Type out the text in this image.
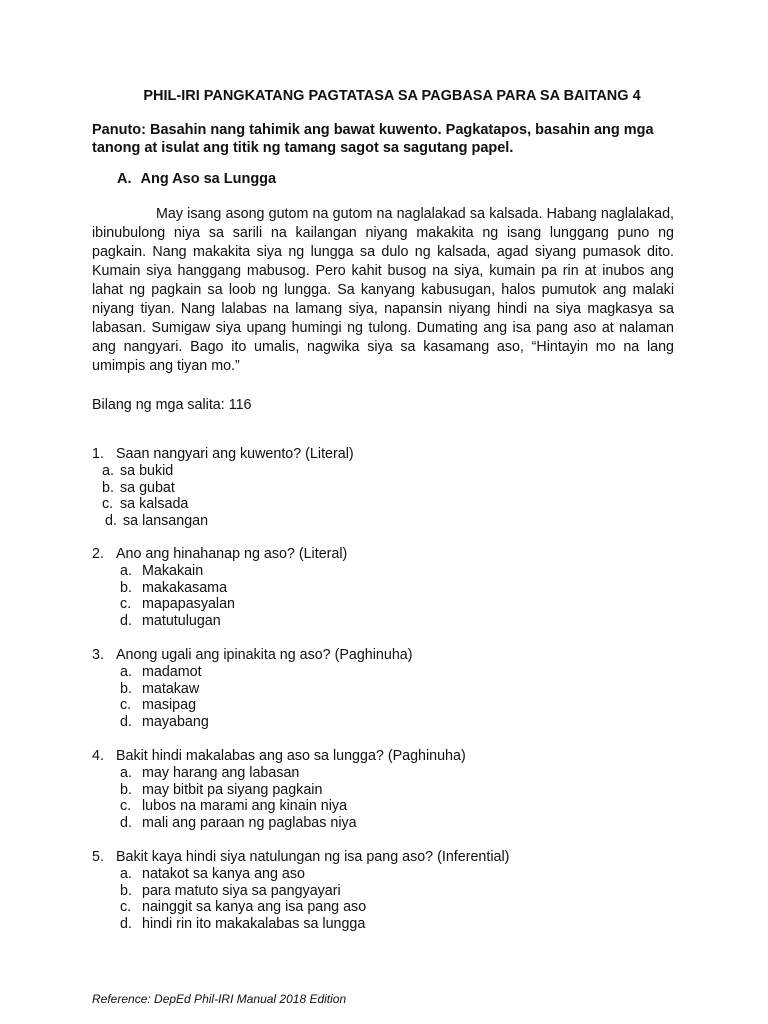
PHIL-IRI PANGKATANG PAGTATASA SA PAGBASA PARA SA BAITANG 4
Panuto: Basahin nang tahimik ang bawat kuwento. Pagkatapos, basahin ang mga tanong at isulat ang titik ng tamang sagot sa sagutang papel.
A. Ang Aso sa Lungga

May isang asong gutom na gutom na naglalakad sa kalsada. Habang naglalakad, ibinubulong niya sa sarili na kailangan niyang makakita ng isang lunggang puno ng pagkain. Nang makakita siya ng lungga sa dulo ng kalsada, agad siyang pumasok dito. Kumain siya hanggang mabusog. Pero kahit busog na siya, kumain pa rin at inubos ang lahat ng pagkain sa loob ng lungga. Sa kanyang kabusugan, halos pumutok ang malaki niyang tiyan. Nang lalabas na lamang siya, napansin niyang hindi na siya magkasya sa labasan. Sumigaw siya upang humingi ng tulong. Dumating ang isa pang aso at nalaman ang nangyari. Bago ito umalis, nagwika siya sa kasamang aso, “Hintayin mo na lang umimpis ang tiyan mo.”

Bilang ng mga salita: 116
1. Saan nangyari ang kuwento? (Literal)
a. sa bukid
b. sa gubat
c. sa kalsada
d. sa lansangan
2. Ano ang hinahanap ng aso? (Literal)
a. Makakain
b. makakasama
c. mapapasyalan
d. matutulugan
3. Anong ugali ang ipinakita ng aso? (Paghinuha)
a. madamot
b. matakaw
c. masipag
d. mayabang
4. Bakit hindi makalabas ang aso sa lungga? (Paghinuha)
a. may harang ang labasan
b. may bitbit pa siyang pagkain
c. lubos na marami ang kinain niya
d. mali ang paraan ng paglabas niya
5. Bakit kaya hindi siya natulungan ng isa pang aso? (Inferential)
a. natakot sa kanya ang aso
b. para matuto siya sa pangyayari
c. nainggit sa kanya ang isa pang aso
d. hindi rin ito makakalabas sa lungga
Reference: DepEd Phil-IRI Manual 2018 Edition
